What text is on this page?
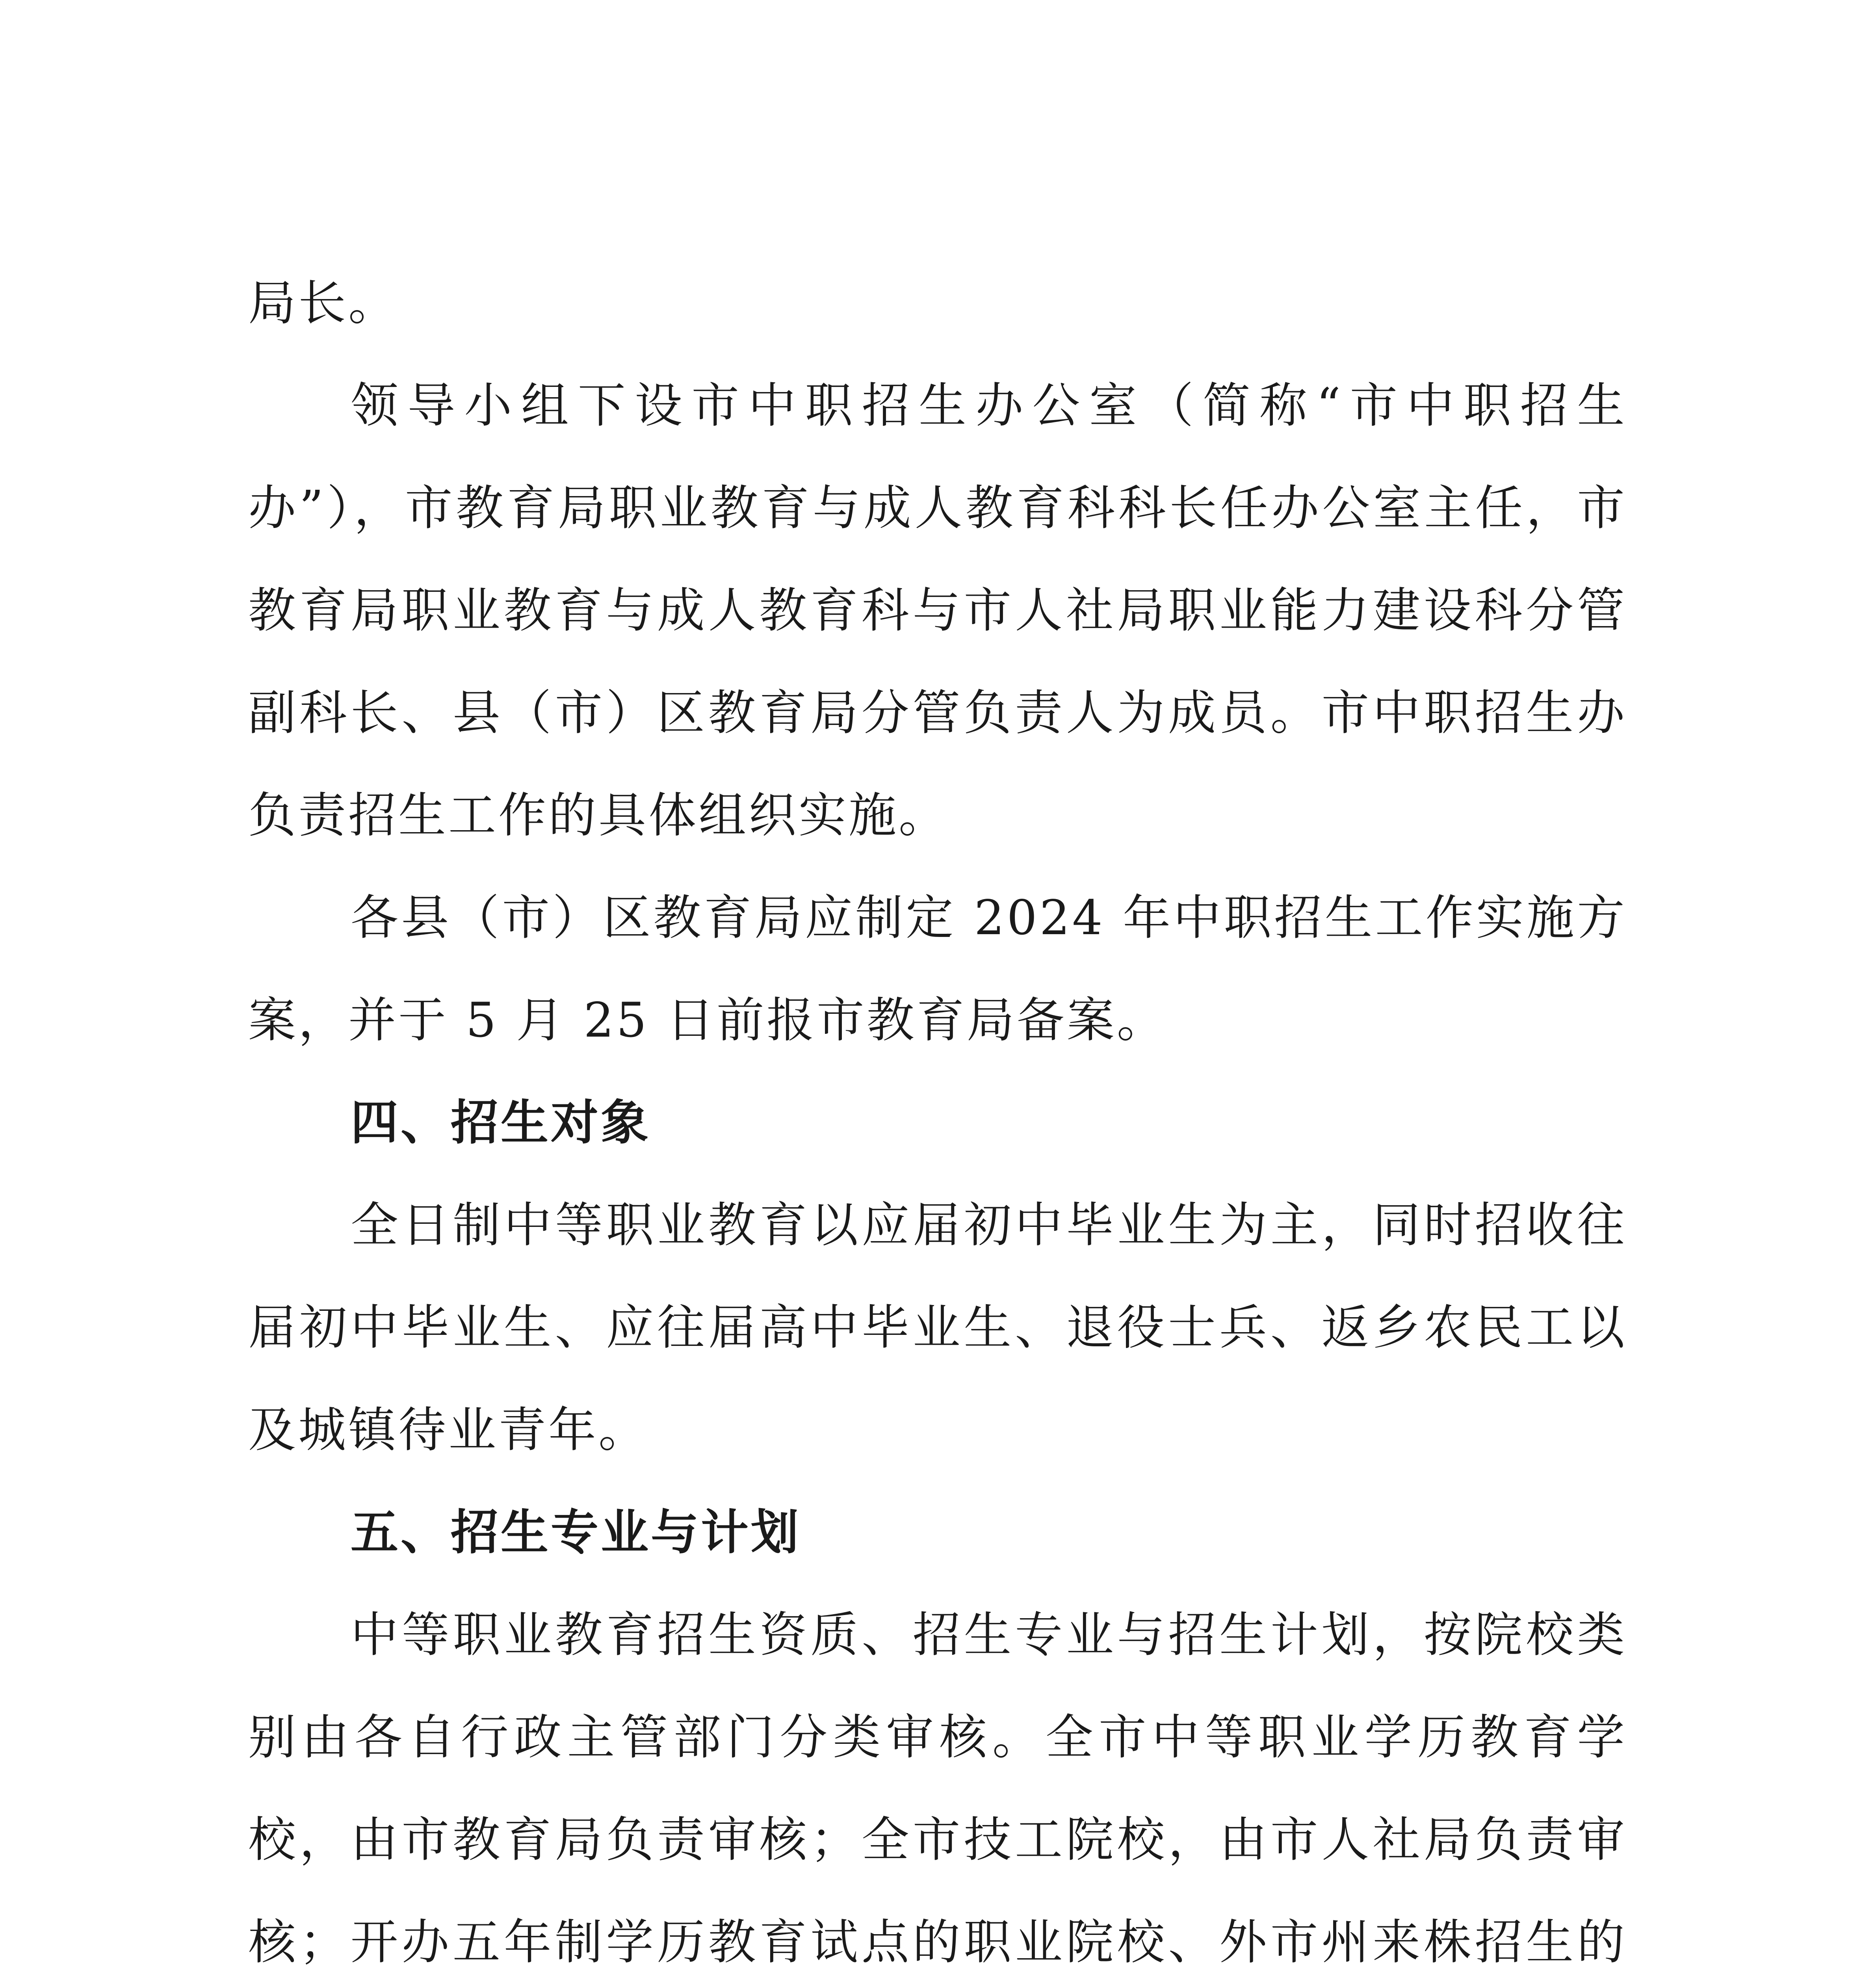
局长。

领导小组下设市中职招生办公室（简称“市中职招生办”），市教育局职业教育与成人教育科科长任办公室主任，市教育局职业教育与成人教育科与市人社局职业能力建设科分管副科长、县（市）区教育局分管负责人为成员。市中职招生办负责招生工作的具体组织实施。

各县（市）区教育局应制定 2024 年中职招生工作实施方案，并于 5 月 25 日前报市教育局备案。

四、招生对象

全日制中等职业教育以应届初中毕业生为主，同时招收往届初中毕业生、应往届高中毕业生、退役士兵、返乡农民工以及城镇待业青年。

五、招生专业与计划

中等职业教育招生资质、招生专业与招生计划，按院校类别由各自行政主管部门分类审核。全市中等职业学历教育学校，由市教育局负责审核；全市技工院校，由市人社局负责审核；开办五年制学历教育试点的职业院校、外市州来株招生的
